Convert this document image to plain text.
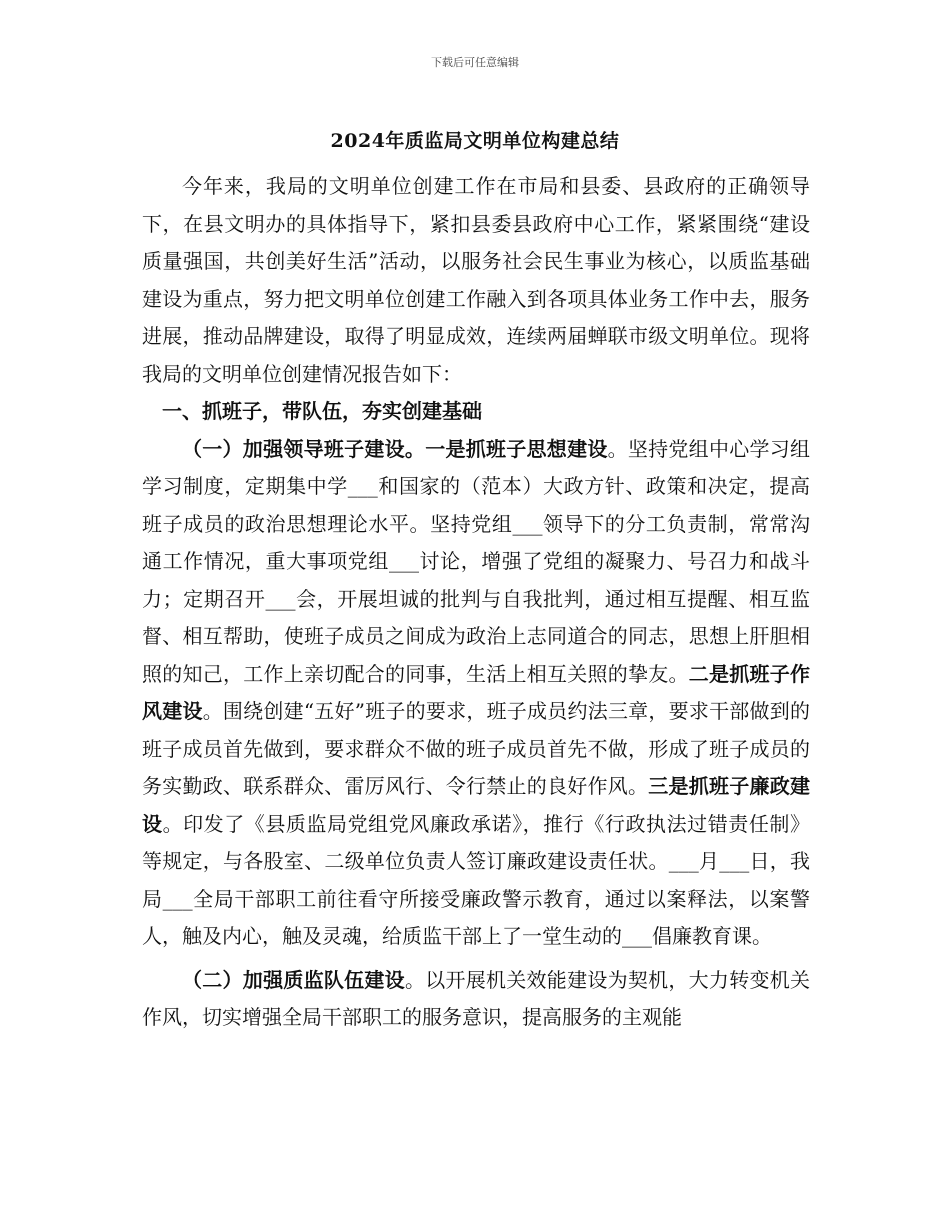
下载后可任意编辑
2024年质监局文明单位构建总结

今年来，我局的文明单位创建工作在市局和县委、县政府的正确领导下，在县文明办的具体指导下，紧扣县委县政府中心工作，紧紧围绕“建设质量强国，共创美好生活”活动，以服务社会民生事业为核心，以质监基础建设为重点，努力把文明单位创建工作融入到各项具体业务工作中去，服务进展，推动品牌建设，取得了明显成效，连续两届蝉联市级文明单位。现将我局的文明单位创建情况报告如下：

一、抓班子，带队伍，夯实创建基础

（一）加强领导班子建设。一是抓班子思想建设。坚持党组中心学习组学习制度，定期集中学___和国家的（范本）大政方针、政策和决定，提高班子成员的政治思想理论水平。坚持党组___领导下的分工负责制，常常沟通工作情况，重大事项党组___讨论，增强了党组的凝聚力、号召力和战斗力；定期召开___会，开展坦诚的批判与自我批判，通过相互提醒、相互监督、相互帮助，使班子成员之间成为政治上志同道合的同志，思想上肝胆相照的知己，工作上亲切配合的同事，生活上相互关照的挚友。二是抓班子作风建设。围绕创建“五好”班子的要求，班子成员约法三章，要求干部做到的班子成员首先做到，要求群众不做的班子成员首先不做，形成了班子成员的务实勤政、联系群众、雷厉风行、令行禁止的良好作风。三是抓班子廉政建设。印发了《县质监局党组党风廉政承诺》，推行《行政执法过错责任制》等规定，与各股室、二级单位负责人签订廉政建设责任状。___月___日，我局___全局干部职工前往看守所接受廉政警示教育，通过以案释法，以案警人，触及内心，触及灵魂，给质监干部上了一堂生动的___倡廉教育课。

（二）加强质监队伍建设。以开展机关效能建设为契机，大力转变机关作风，切实增强全局干部职工的服务意识，提高服务的主观能
